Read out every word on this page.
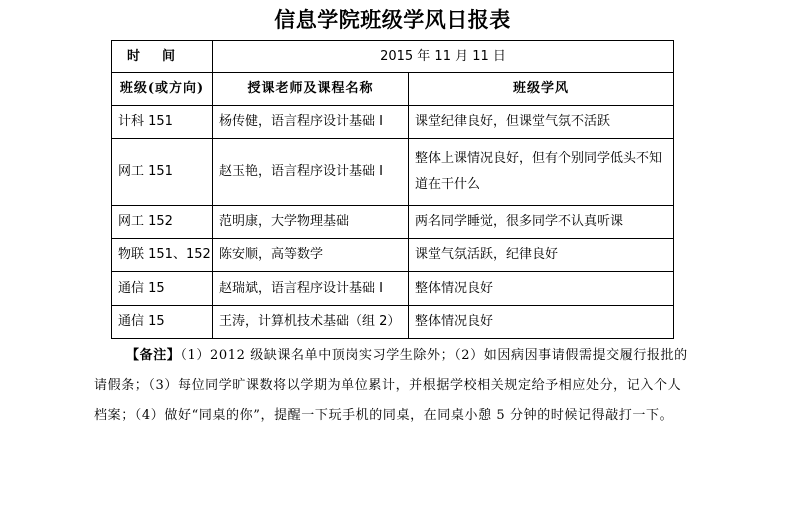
信息学院班级学风日报表
时间	2015 年 11 月 11 日	
班级(或方向)	授课老师及课程名称	班级学风
计科 151	杨传健，语言程序设计基础 I	课堂纪律良好，但课堂气氛不活跃
网工 151	赵玉艳，语言程序设计基础 I	整体上课情况良好，但有个别同学低头不知道在干什么
网工 152	范明康，大学物理基础	两名同学睡觉，很多同学不认真听课
物联 151、152	陈安顺，高等数学	课堂气氛活跃，纪律良好
通信 15	赵瑞斌，语言程序设计基础 I	整体情况良好
通信 15	王涛，计算机技术基础（组 2）	整体情况良好
【备注】（1）2012 级缺课名单中顶岗实习学生除外；（2）如因病因事请假需提交履行报批的请假条；（3）每位同学旷课数将以学期为单位累计，并根据学校相关规定给予相应处分，记入个人档案；（4）做好“同桌的你”，提醒一下玩手机的同桌，在同桌小憩 5 分钟的时候记得敲打一下。
